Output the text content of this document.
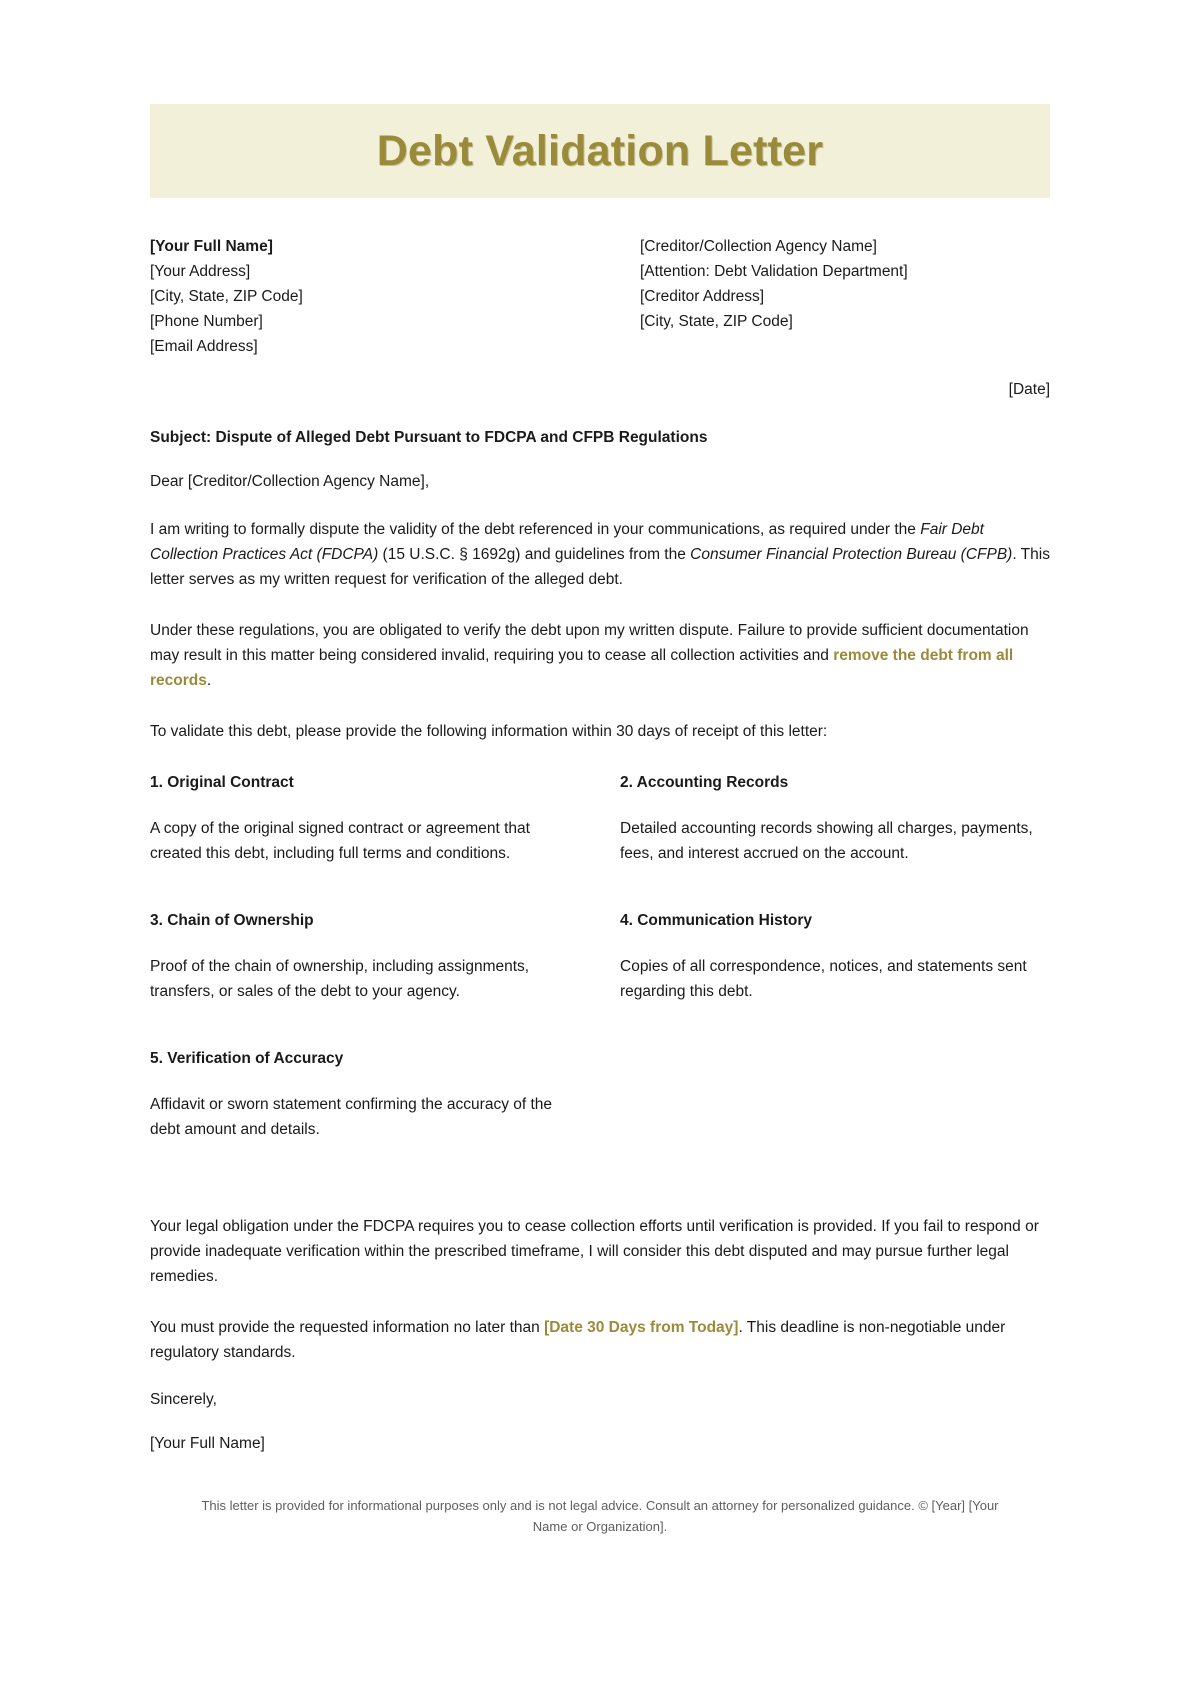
Debt Validation Letter
[Your Full Name]
[Your Address]
[City, State, ZIP Code]
[Phone Number]
[Email Address]
[Creditor/Collection Agency Name]
[Attention: Debt Validation Department]
[Creditor Address]
[City, State, ZIP Code]
[Date]

Subject: Dispute of Alleged Debt Pursuant to FDCPA and CFPB Regulations

Dear [Creditor/Collection Agency Name],

I am writing to formally dispute the validity of the debt referenced in your communications, as required under the Fair Debt Collection Practices Act (FDCPA) (15 U.S.C. § 1692g) and guidelines from the Consumer Financial Protection Bureau (CFPB). This letter serves as my written request for verification of the alleged debt.

Under these regulations, you are obligated to verify the debt upon my written dispute. Failure to provide sufficient documentation may result in this matter being considered invalid, requiring you to cease all collection activities and remove the debt from all records.

To validate this debt, please provide the following information within 30 days of receipt of this letter:

1. Original Contract

A copy of the original signed contract or agreement that created this debt, including full terms and conditions.

2. Accounting Records

Detailed accounting records showing all charges, payments, fees, and interest accrued on the account.

3. Chain of Ownership

Proof of the chain of ownership, including assignments, transfers, or sales of the debt to your agency.

4. Communication History

Copies of all correspondence, notices, and statements sent regarding this debt.

5. Verification of Accuracy

Affidavit or sworn statement confirming the accuracy of the debt amount and details.

Your legal obligation under the FDCPA requires you to cease collection efforts until verification is provided. If you fail to respond or provide inadequate verification within the prescribed timeframe, I will consider this debt disputed and may pursue further legal remedies.

You must provide the requested information no later than [Date 30 Days from Today]. This deadline is non-negotiable under regulatory standards.

Sincerely,

[Your Full Name]

This letter is provided for informational purposes only and is not legal advice. Consult an attorney for personalized guidance. © [Year] [Your Name or Organization].
